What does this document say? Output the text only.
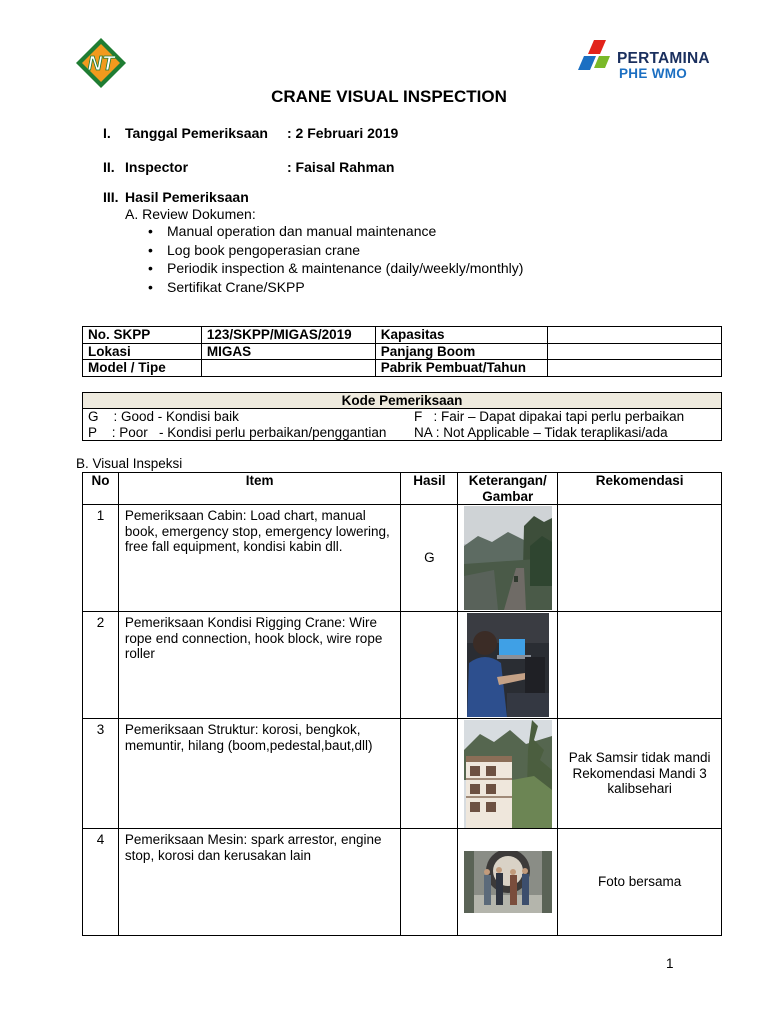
NT	PERTAMINA
PHE WMO
CRANE VISUAL INSPECTION
I. Tanggal Pemeriksaan : 2 Februari 2019
II. Inspector	: Faisal Rahman
III. Hasil Pemeriksaan
A. Review Dokumen:
• Manual operation dan manual maintenance
• Log book pengoperasian crane
• Periodik inspection & maintenance (daily/weekly/monthly)
• Sertifikat Crane/SKPP
No. SKPP	123/SKPP/MIGAS/2019	Kapasitas	
Lokasi	MIGAS	Panjang Boom	
Model / Tipe		Pabrik Pembuat/Tahun	
Kode Pemeriksaan

G    : Good - Kondisi baik	F   : Fair – Dapat dipakai tapi perlu perbaikan
P    : Poor   - Kondisi perlu perbaikan/penggantian	NA : Not Applicable – Tidak teraplikasi/ada
B. Visual Inspeksi
No	Item	Hasil	Keterangan/ Gambar	Rekomendasi
1	Pemeriksaan Cabin: Load chart, manual book, emergency stop, emergency lowering, free fall equipment, kondisi kabin dll.	G	

2	Pemeriksaan Kondisi Rigging Crane: Wire rope end connection, hook block, wire rope roller		

3	Pemeriksaan Struktur: korosi, bengkok, memuntir, hilang (boom,pedestal,baut,dll)			Pak Samsir tidak mandi Rekomendasi Mandi 3 kalibsehari
4	Pemeriksaan Mesin: spark arrestor, engine stop, korosi dan kerusakan lain			Foto bersama
1
